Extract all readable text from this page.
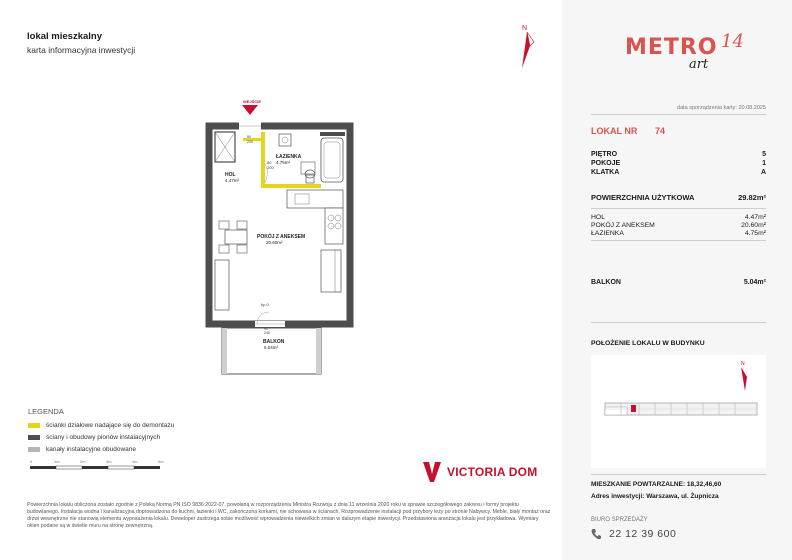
lokal mieszkalny
karta informacyjna inwestycji
N
WEJŚCIE
80
200
90
200
hp 0
90
240
ŁAZIENKA
4.75m²
HOL
4.47m²
POKÓJ Z ANEKSEM
20.60m²
BALKON
5.04m²
LEGENDA
ścianki działowe nadające się do demontażu
ściany i obudowy pionów instalacyjnych
kanały instalacyjne obudowane
0	1m	2m	3m	4m	5m
VICTORIA DOM
Powierzchnia lokalu obliczona zostało zgodnie z Polską Normą PN ISO 9836:2022-07, powołaną w rozporządzeniu Ministra Rozwoju z dnia 11 września 2020 roku w sprawie szczegółowego zakresu i formy projektu budowlanego. Instalacja wodna i kanalizacyjna doprowadzona do kuchni, łazienki i WC, zakończona korkami, nie schowana w ścianach. Rozprowadzenie instalacji pod przybory leży po stronie Nabywcy. Meble, biały montaż oraz drzwi wewnętrzne nie stanowią elementu wyposażenia lokalu. Deweloper zastrzega sobie możliwość wprowadzenia niewielkich zmian w dalszym etapie inwestycji. Przedstawiona aranżacja lokalu jest przykładowa. Wymiary okien podane są w świetle muru na stronę zewnętrzną.
METRO 14
art
data sporządzenia karty: 20.08.2025
LOKAL NR 74
PIĘTRO	5
POKOJE	1
KLATKA	A
POWIERZCHNIA UŻYTKOWA	29.82m²
HOL	4.47m²
POKÓJ Z ANEKSEM	20.60m²
ŁAZIENKA	4.75m²
BALKON	5.04m²
POŁOŻENIE LOKALU W BUDYNKU
N
MIESZKANIE POWTARZALNE: 18,32,46,60
Adres inwestycji: Warszawa, ul. Żupnicza
BIURO SPRZEDAŻY
22 12 39 600
